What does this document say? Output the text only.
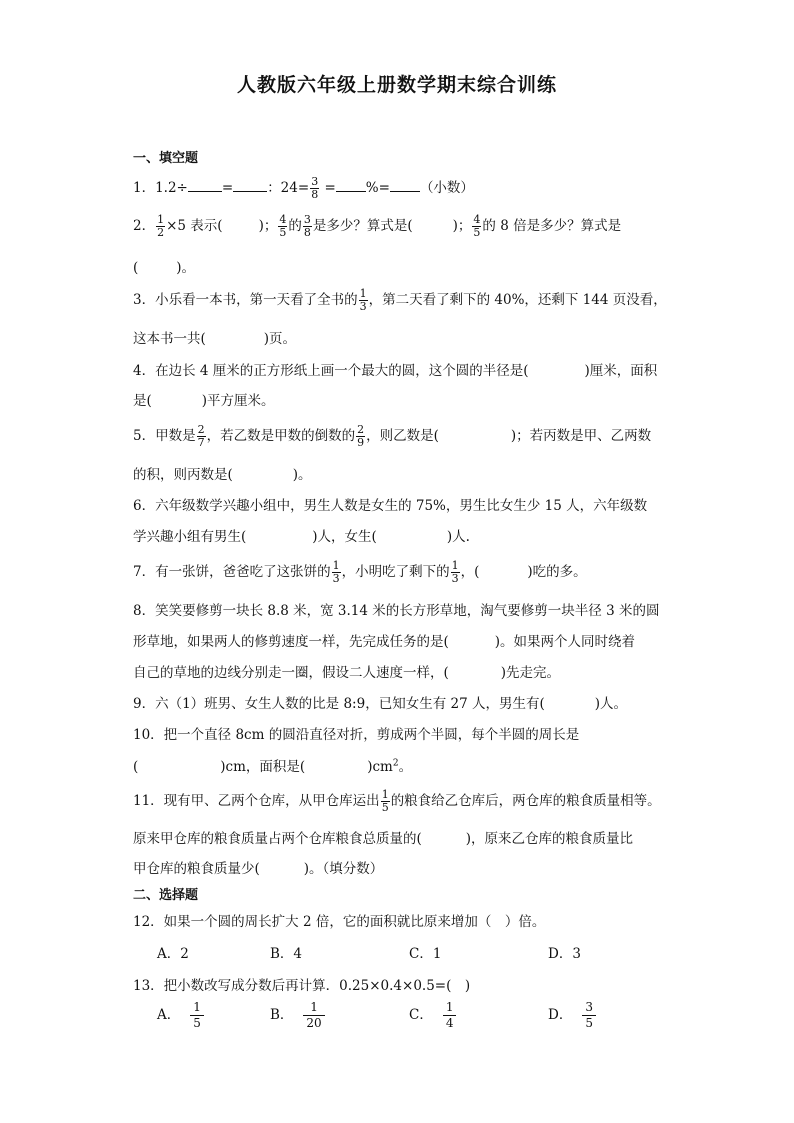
人教版六年级上册数学期末综合训练
一、填空题
1．1.2÷	=	：$24= \frac{3}{8}$ = %= （小数）
2． $\frac{1}{2} \times 5$ 表示(	)； $\frac{4}{5}$ 的 $\frac{3}{8}$ 是多少？算式是(	)； $\frac{4}{5}$ 的 8 倍是多少？算式是
(	)。
3．小乐看一本书，第一天看了全书的 $\frac{1}{3}$ ，第二天看了剩下的 40%，还剩下 144 页没看，
这本书一共(	)页。
4．在边长 4 厘米的正方形纸上画一个最大的圆，这个圆的半径是(	)厘米，面积
是(	)平方厘米。
5．甲数是 $\frac{2}{7}$ ，若乙数是甲数的倒数的 $\frac{2}{9}$ ，则乙数是(	)；若丙数是甲、乙两数
的积，则丙数是(	)。
6．六年级数学兴趣小组中，男生人数是女生的 75%，男生比女生少 15 人，六年级数
学兴趣小组有男生(	)人，女生(	)人.
7．有一张饼，爸爸吃了这张饼的 $\frac{1}{3}$ ，小明吃了剩下的 $\frac{1}{3}$ ，(	)吃的多。
8．笑笑要修剪一块长 8.8 米，宽 3.14 米的长方形草地，淘气要修剪一块半径 3 米的圆
形草地，如果两人的修剪速度一样，先完成任务的是(	)。如果两个人同时绕着
自己的草地的边线分别走一圈，假设二人速度一样，(	)先走完。
9．六（1）班男、女生人数的比是 8:9，已知女生有 27 人，男生有(	)人。
10．把一个直径 8cm 的圆沿直径对折，剪成两个半圆，每个半圆的周长是
(	)cm，面积是(	)$cm^2$。
11．现有甲、乙两个仓库，从甲仓库运出 $\frac{1}{5}$ 的粮食给乙仓库后，两仓库的粮食质量相等。
原来甲仓库的粮食质量占两个仓库粮食总质量的(	)，原来乙仓库的粮食质量比
甲仓库的粮食质量少(	)。（填分数）
二、选择题
12．如果一个圆的周长扩大 2 倍，它的面积就比原来增加（　）倍。
A．2	B．4	C．1	D．3
13．把小数改写成分数后再计算．0.25×0.4×0.5=(　)
A． $\frac{1}{5}$	B． $\frac{1}{20}$	C． $\frac{1}{4}$	D． $\frac{3}{5}$
